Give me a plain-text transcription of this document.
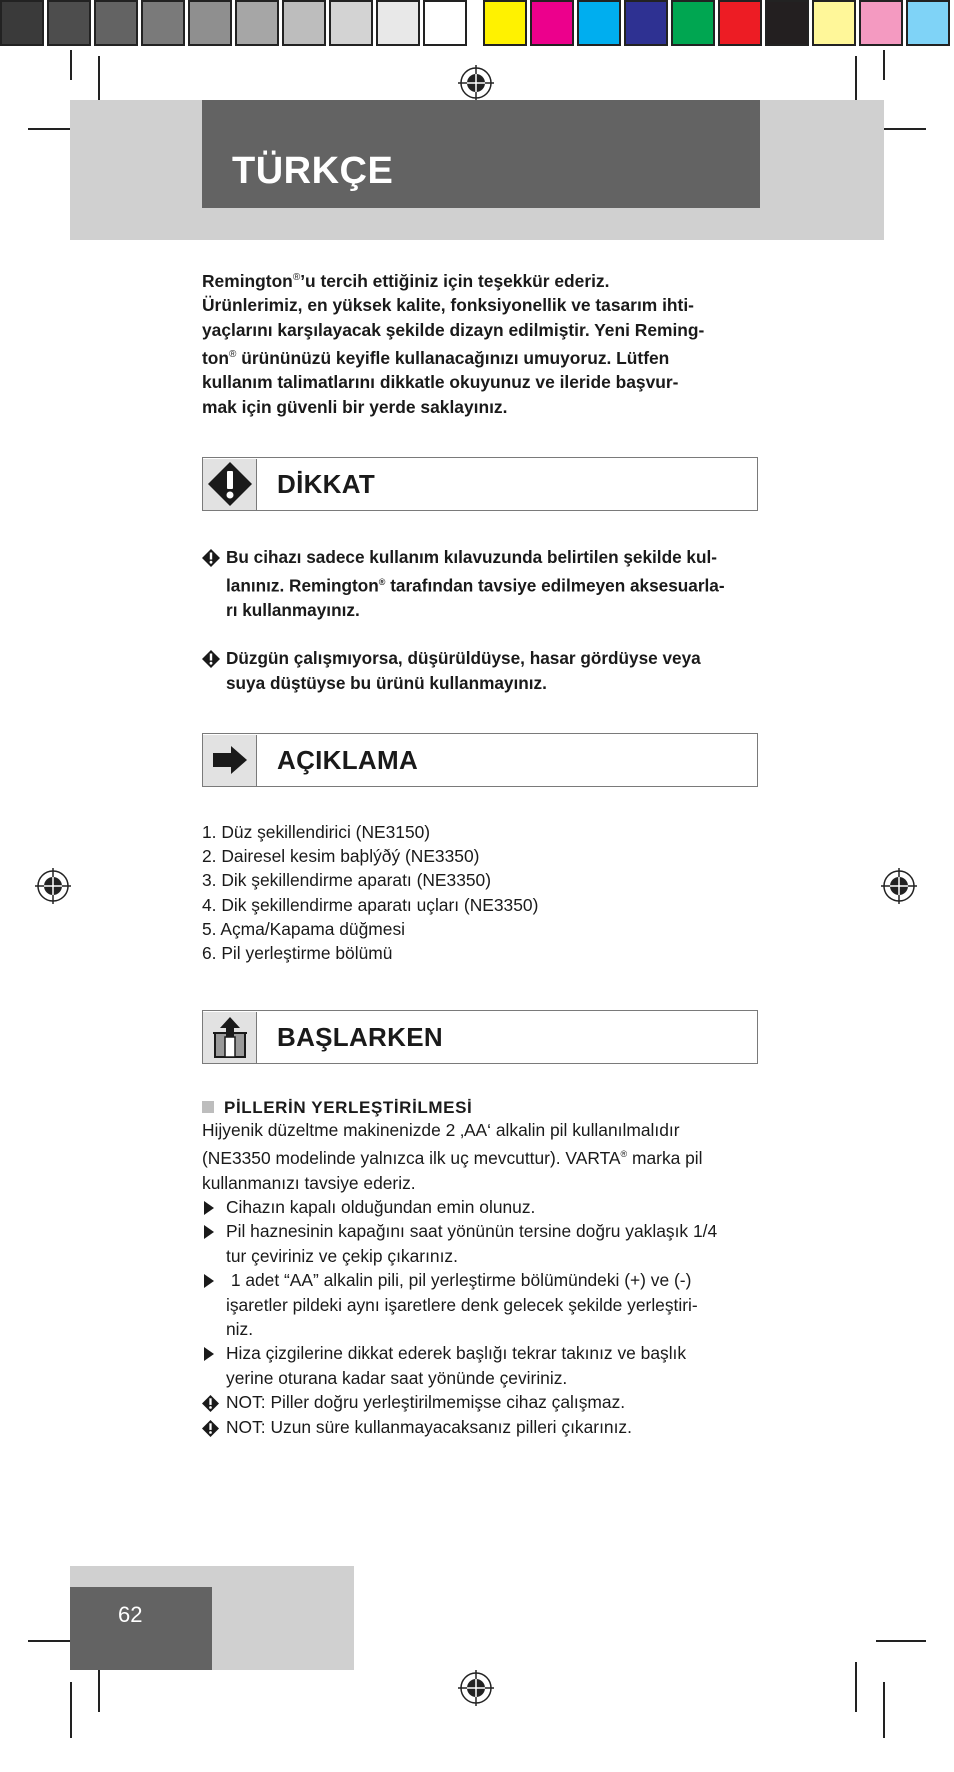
TÜRKÇE

Remington®’u tercih ettiğiniz için teşekkür ederiz.

Ürünlerimiz, en yüksek kalite, fonksiyonellik ve tasarım ihti-

yaçlarını karşılayacak şekilde dizayn edilmiştir. Yeni Reming-

ton® ürününüzü keyifle kullanacağınızı umuyoruz. Lütfen

kullanım talimatlarını dikkatle okuyunuz ve ileride başvur-

mak için güvenli bir yerde saklayınız.

DİKKAT
Bu cihazı sadece kullanım kılavuzunda belirtilen şekilde kul-
lanınız. Remington® tarafından tavsiye edilmeyen aksesuarla-
rı kullanmayınız.
Düzgün çalışmıyorsa, düşürüldüyse, hasar gördüyse veya
suya düştüyse bu ürünü kullanmayınız.
AÇIKLAMA
1. Düz şekillendirici (NE3150)
2. Dairesel kesim baþlýðý (NE3350)
3. Dik şekillendirme aparatı (NE3350)
4. Dik şekillendirme aparatı uçları (NE3350)
5. Açma/Kapama düğmesi
6. Pil yerleştirme bölümü
BAŞLARKEN
PİLLERİN YERLEŞTİRİLMESİ

Hijyenik düzeltme makinenizde 2 ‚AA‘ alkalin pil kullanılmalıdır

(NE3350 modelinde yalnızca ilk uç mevcuttur). VARTA® marka pil

kullanmanızı tavsiye ederiz.

Cihazın kapalı olduğundan emin olunuz.
Pil haznesinin kapağını saat yönünün tersine doğru yaklaşık 1/4
tur çeviriniz ve çekip çıkarınız.
1 adet “AA” alkalin pili, pil yerleştirme bölümündeki (+) ve (-)
işaretler pildeki aynı işaretlere denk gelecek şekilde yerleştiri-
niz.
Hiza çizgilerine dikkat ederek başlığı tekrar takınız ve başlık
yerine oturana kadar saat yönünde çeviriniz.
NOT: Piller doğru yerleştirilmemişse cihaz çalışmaz.
NOT: Uzun süre kullanmayacaksanız pilleri çıkarınız.
62
